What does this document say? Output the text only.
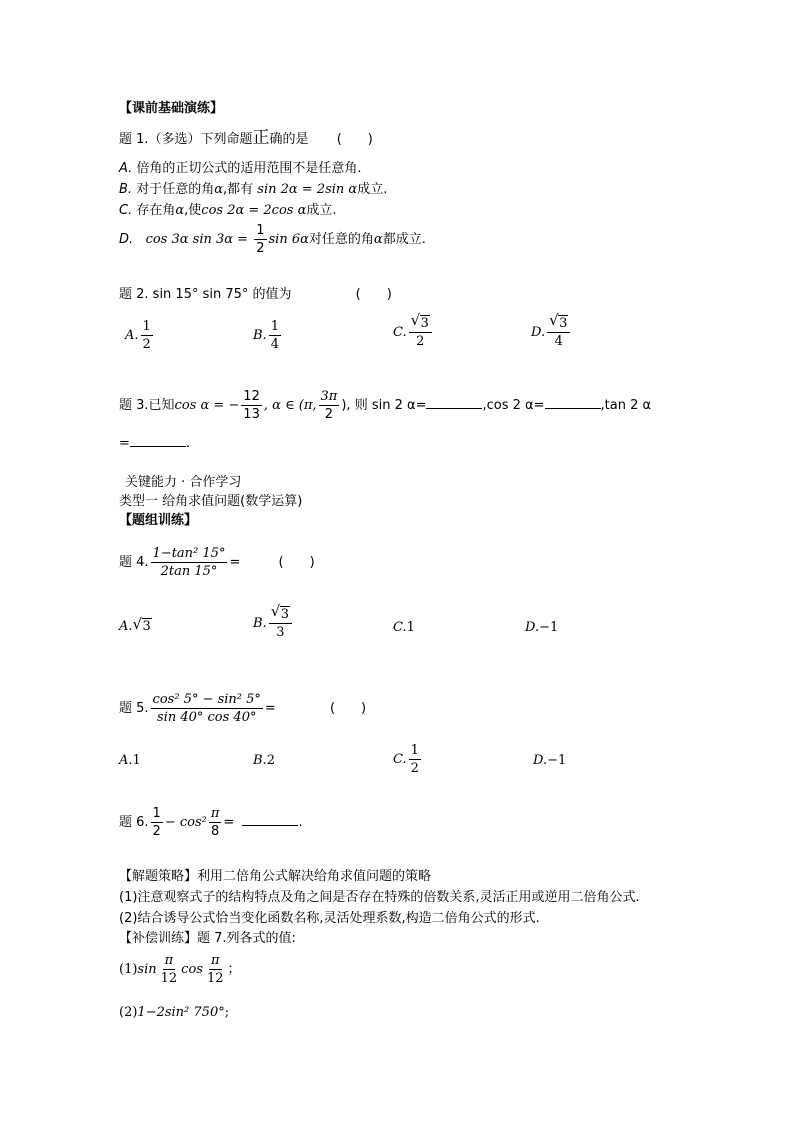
【课前基础演练】
题 1.（多选）下列命题正确的是 (　　)
A. 倍角的正切公式的适用范围不是任意角.
B. 对于任意的角α,都有 sin 2α = 2sin α成立.
C. 存在角α,使cos 2α = 2cos α成立.
D. cos 3α $\sin 3\alpha = \frac{1}{2}$ sin 6α对任意的角α都成立.
题 2. sin 15° sin 75° 的值为	(　　)
A. $\frac{1}{2}$	B. $\frac{1}{4}$	C. $\frac{√ 3}{2}$	D. $\frac{√ 3}{4}$
题 3.已知cos α = − $\frac{12}{13}$ , α ∈ (π, $\frac{3\pi}{2}$ ), 则 sin 2 α=	,cos 2 α=	,tan 2 α
=	.
关键能力 · 合作学习
类型一 给角求值问题(数学运算)
【题组训练】
题 4. $\frac{\text{1−tan² 15°}}{2\tan 15^\circ}$ =	(　　)
A. √ 3	B. $\frac{√ 3}{3}$	C.1	D.−1
题 5. $\frac{\text{cos² 5° − sin² 5°}}{\sin 40^\circ \cos 40^\circ}$ =	(　　)
A.1	B.2	C. $\frac{1}{2}$	D.−1
题 6. $\frac{1}{2} - \cos^2 \frac{\pi}{8}$ =	.
【解题策略】利用二倍角公式解决给角求值问题的策略
(1)注意观察式子的结构特点及角之间是否存在特殊的倍数关系,灵活正用或逆用二倍角公式.
(2)结合诱导公式恰当变化函数名称,灵活处理系数,构造二倍角公式的形式.
【补偿训练】题 7.列各式的值:
$(1)\sin \frac{\pi}{12}$ $\cos \frac{\pi}{12}$ ；
(2)1−2sin² 750°;
